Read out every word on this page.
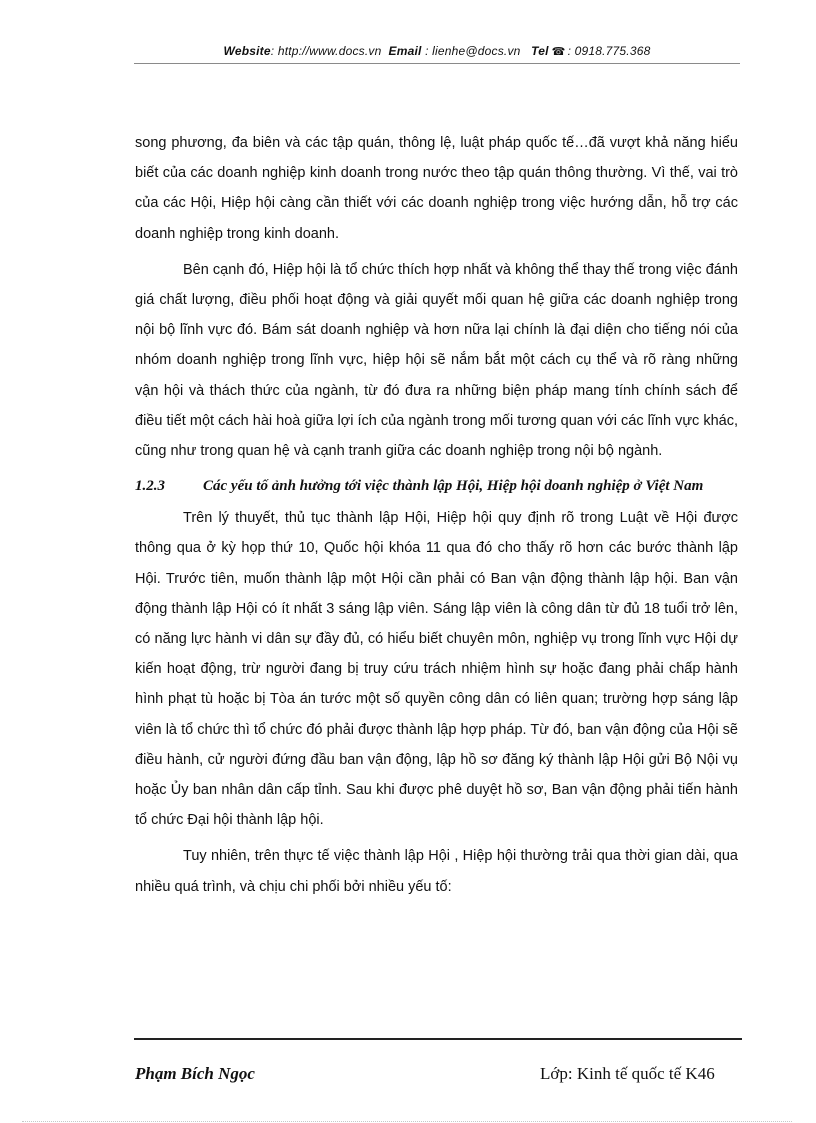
Website: http://www.docs.vn Email : lienhe@docs.vn Tel ☎ : 0918.775.368

song phương, đa biên và các tập quán, thông lệ, luật pháp quốc tế…đã vượt khả năng hiểu biết của các doanh nghiệp kinh doanh trong nước theo tập quán thông thường. Vì thế, vai trò của các Hội, Hiệp hội càng cần thiết với các doanh nghiệp trong việc hướng dẫn, hỗ trợ các doanh nghiệp trong kinh doanh.

Bên cạnh đó, Hiệp hội là tổ chức thích hợp nhất và không thể thay thế trong việc đánh giá chất lượng, điều phối hoạt động và giải quyết mối quan hệ giữa các doanh nghiệp trong nội bộ lĩnh vực đó. Bám sát doanh nghiệp và hơn nữa lại chính là đại diện cho tiếng nói của nhóm doanh nghiệp trong lĩnh vực, hiệp hội sẽ nắm bắt một cách cụ thể và rõ ràng những vận hội và thách thức của ngành, từ đó đưa ra những biện pháp mang tính chính sách để điều tiết một cách hài hoà giữa lợi ích của ngành trong mối tương quan với các lĩnh vực khác, cũng như trong quan hệ và cạnh tranh giữa các doanh nghiệp trong nội bộ ngành.

1.2.3	Các yếu tố ảnh hưởng tới việc thành lập Hội, Hiệp hội doanh nghiệp ở Việt Nam

Trên lý thuyết, thủ tục thành lập Hội, Hiệp hội quy định rõ trong Luật về Hội được thông qua ở kỳ họp thứ 10, Quốc hội khóa 11 qua đó cho thấy rõ hơn các bước thành lập Hội. Trước tiên, muốn thành lập một Hội cần phải có Ban vận động thành lập hội. Ban vận động thành lập Hội có ít nhất 3 sáng lập viên. Sáng lập viên là công dân từ đủ 18 tuổi trở lên, có năng lực hành vi dân sự đầy đủ, có hiểu biết chuyên môn, nghiệp vụ trong lĩnh vực Hội dự kiến hoạt động, trừ người đang bị truy cứu trách nhiệm hình sự hoặc đang phải chấp hành hình phạt tù hoặc bị Tòa án tước một số quyền công dân có liên quan; trường hợp sáng lập viên là tổ chức thì tổ chức đó phải được thành lập hợp pháp. Từ đó, ban vận động của Hội sẽ điều hành, cử người đứng đầu ban vận động, lập hồ sơ đăng ký thành lập Hội gửi Bộ Nội vụ hoặc Ủy ban nhân dân cấp tỉnh. Sau khi được phê duyệt hồ sơ, Ban vận động phải tiến hành tổ chức Đại hội thành lập hội.

Tuy nhiên, trên thực tế việc thành lập Hội , Hiệp hội thường trải qua thời gian dài, qua nhiều quá trình, và chịu chi phối bởi nhiều yếu tố:

Phạm Bích Ngọc	Lớp: Kinh tế quốc tế K46
